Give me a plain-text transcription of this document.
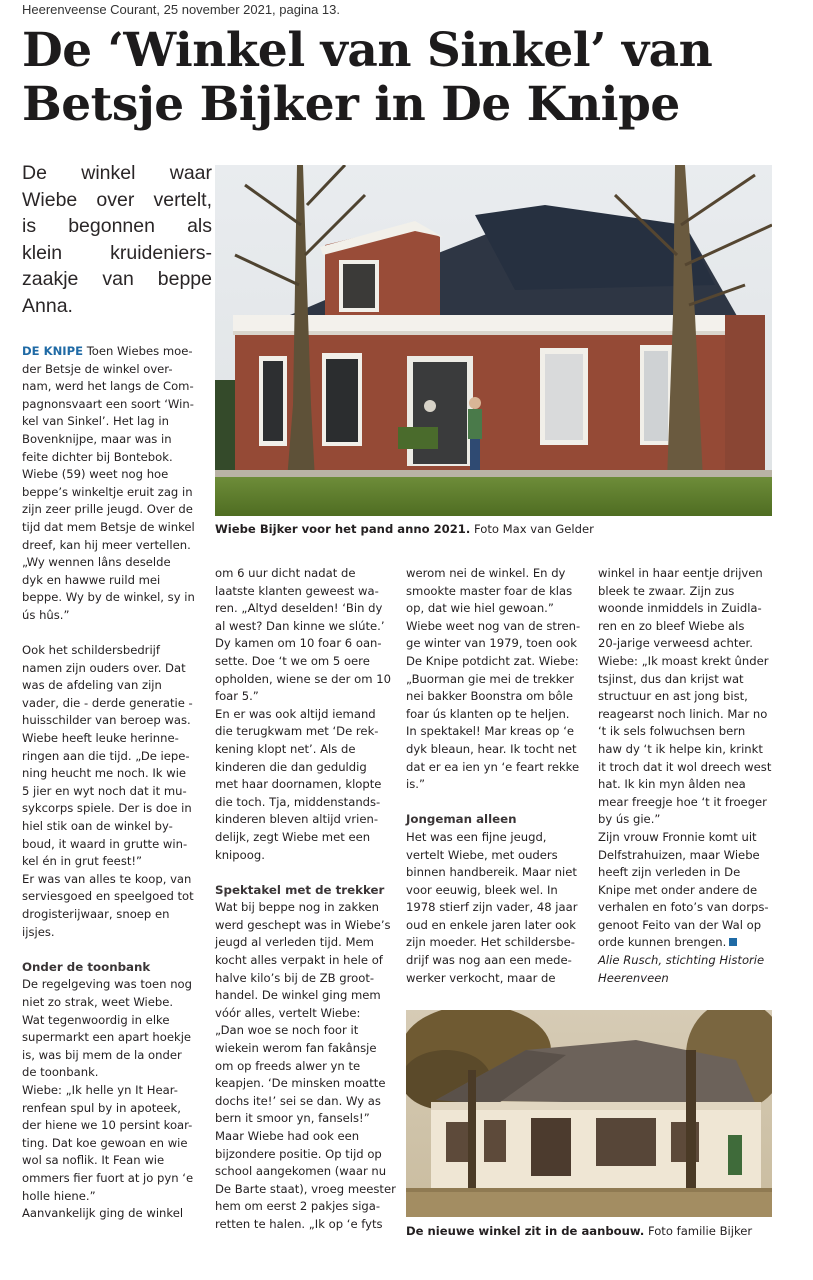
Heerenveense Courant, 25 november 2021, pagina 13.
De ‘Winkel van Sinkel’ van
Betsje Bijker in De Knipe
De winkel waar
Wiebe over vertelt,
is begonnen als
klein kruideniers-
zaakje van beppe
Anna.
Wiebe Bijker voor het pand anno 2021. Foto Max van Gelder
DE KNIPE Toen Wiebes moe-
der Betsje de winkel over-
nam, werd het langs de Com-
pagnonsvaart een soort ‘Win-
kel van Sinkel’. Het lag in
Bovenknijpe, maar was in
feite dichter bij Bontebok.
Wiebe (59) weet nog hoe
beppe’s winkeltje eruit zag in
zijn zeer prille jeugd. Over de
tijd dat mem Betsje de winkel
dreef, kan hij meer vertellen.
„Wy wennen lâns deselde
dyk en hawwe ruild mei
beppe. Wy by de winkel, sy in
ús hûs.”
Ook het schildersbedrijf
namen zijn ouders over. Dat
was de afdeling van zijn
vader, die - derde generatie -
huisschilder van beroep was.
Wiebe heeft leuke herinne-
ringen aan die tijd. „De iepe-
ning heucht me noch. Ik wie
5 jier en wyt noch dat it mu-
sykcorps spiele. Der is doe in
hiel stik oan de winkel by-
boud, it waard in grutte win-
kel én in grut feest!”
Er was van alles te koop, van
serviesgoed en speelgoed tot
drogisterijwaar, snoep en
ijsjes.
Onder de toonbank
De regelgeving was toen nog
niet zo strak, weet Wiebe.
Wat tegenwoordig in elke
supermarkt een apart hoekje
is, was bij mem de la onder
de toonbank.
Wiebe: „Ik helle yn It Hear-
renfean spul by in apoteek,
der hiene we 10 persint koar-
ting. Dat koe gewoan en wie
wol sa noflik. It Fean wie
ommers fier fuort at jo pyn ‘e
holle hiene.”
Aanvankelijk ging de winkel
om 6 uur dicht nadat de
laatste klanten geweest wa-
ren. „Altyd deselden! ‘Bin dy
al west? Dan kinne we slúte.’
Dy kamen om 10 foar 6 oan-
sette. Doe ‘t we om 5 oere
opholden, wiene se der om 10
foar 5.”
En er was ook altijd iemand
die terugkwam met ‘De rek-
kening klopt net’. Als de
kinderen die dan geduldig
met haar doornamen, klopte
die toch. Tja, middenstands-
kinderen bleven altijd vrien-
delijk, zegt Wiebe met een
knipoog.
Spektakel met de trekker
Wat bij beppe nog in zakken
werd geschept was in Wiebe’s
jeugd al verleden tijd. Mem
kocht alles verpakt in hele of
halve kilo’s bij de ZB groot-
handel. De winkel ging mem
vóór alles, vertelt Wiebe:
„Dan woe se noch foor it
wiekein werom fan fakânsje
om op freeds alwer yn te
keapjen. ‘De minsken moatte
dochs ite!’ sei se dan. Wy as
bern it smoor yn, fansels!”
Maar Wiebe had ook een
bijzondere positie. Op tijd op
school aangekomen (waar nu
De Barte staat), vroeg meester
hem om eerst 2 pakjes siga-
retten te halen. „Ik op ‘e fyts
werom nei de winkel. En dy
smookte master foar de klas
op, dat wie hiel gewoan.”
Wiebe weet nog van de stren-
ge winter van 1979, toen ook
De Knipe potdicht zat. Wiebe:
„Buorman gie mei de trekker
nei bakker Boonstra om bôle
foar ús klanten op te heljen.
In spektakel! Mar kreas op ‘e
dyk bleaun, hear. Ik tocht net
dat er ea ien yn ‘e feart rekke
is.”
Jongeman alleen
Het was een fijne jeugd,
vertelt Wiebe, met ouders
binnen handbereik. Maar niet
voor eeuwig, bleek wel. In
1978 stierf zijn vader, 48 jaar
oud en enkele jaren later ook
zijn moeder. Het schildersbe-
drijf was nog aan een mede-
werker verkocht, maar de
winkel in haar eentje drijven
bleek te zwaar. Zijn zus
woonde inmiddels in Zuidla-
ren en zo bleef Wiebe als
20-jarige verweesd achter.
Wiebe: „Ik moast krekt ûnder
tsjinst, dus dan krijst wat
structuur en ast jong bist,
reagearst noch linich. Mar no
‘t ik sels folwuchsen bern
haw dy ‘t ik helpe kin, krinkt
it troch dat it wol dreech west
hat. Ik kin myn âlden nea
mear freegje hoe ‘t it froeger
by ús gie.”
Zijn vrouw Fronnie komt uit
Delfstrahuizen, maar Wiebe
heeft zijn verleden in De
Knipe met onder andere de
verhalen en foto’s van dorps-
genoot Feito van der Wal op
orde kunnen brengen.
Alie Rusch, stichting Historie
Heerenveen
De nieuwe winkel zit in de aanbouw. Foto familie Bijker
